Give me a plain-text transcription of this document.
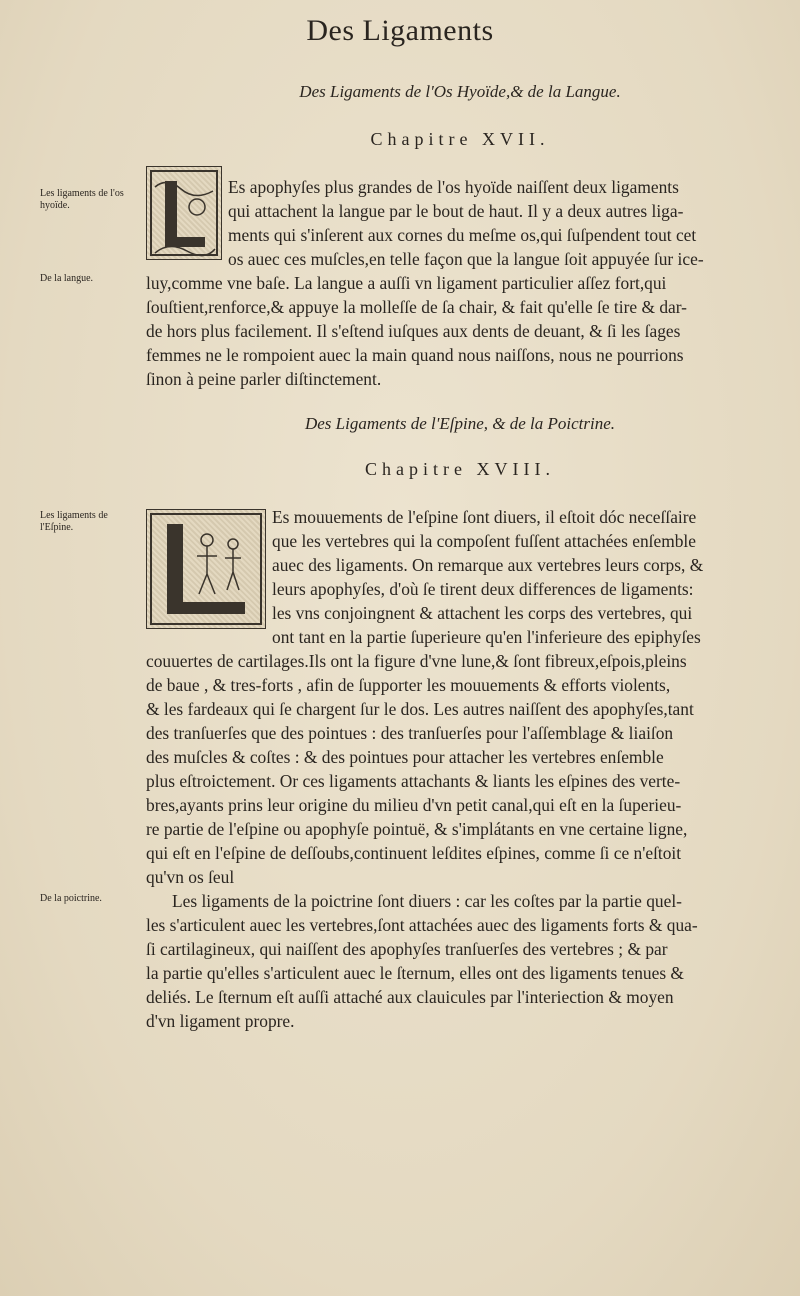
Des Ligaments
Des Ligaments de l'Os Hyoïde,& de la Langue.
Chapitre XVII.
Les ligaments de l'os hyoïde.
De la langue.
Es apophyſes plus grandes de l'os hyoïde naiſſent deux ligaments
qui attachent la langue par le bout de haut. Il y a deux autres liga-
ments qui s'inſerent aux cornes du meſme os,qui ſuſpendent tout cet
os auec ces muſcles,en telle façon que la langue ſoit appuyée ſur ice-
luy,comme vne baſe. La langue a auſſi vn ligament particulier aſſez fort,qui
ſouſtient,renforce,& appuye la molleſſe de ſa chair, & fait qu'elle ſe tire & dar-
de hors plus facilement. Il s'eſtend iuſques aux dents de deuant, & ſi les ſages
femmes ne le rompoient auec la main quand nous naiſſons, nous ne pourrions
ſinon à peine parler diſtinctement.
Des Ligaments de l'Eſpine, & de la Poictrine.
Chapitre XVIII.
Les ligaments de l'Eſpine.
De la poictrine.
Es mouuements de l'eſpine ſont diuers, il eſtoit dóc neceſſaire
que les vertebres qui la compoſent fuſſent attachées enſemble
auec des ligaments. On remarque aux vertebres leurs corps, &
leurs apophyſes, d'où ſe tirent deux differences de ligaments:
les vns conjoingnent & attachent les corps des vertebres, qui
ont tant en la partie ſuperieure qu'en l'inferieure des epiphyſes
couuertes de cartilages.Ils ont la figure d'vne lune,& ſont fibreux,eſpois,pleins
de baue , & tres-forts , afin de ſupporter les mouuements & efforts violents,
& les fardeaux qui ſe chargent ſur le dos. Les autres naiſſent des apophyſes,tant
des tranſuerſes que des pointues : des tranſuerſes pour l'aſſemblage & liaiſon
des muſcles & coſtes : & des pointues pour attacher les vertebres enſemble
plus eſtroictement. Or ces ligaments attachants & liants les eſpines des verte-
bres,ayants prins leur origine du milieu d'vn petit canal,qui eſt en la ſuperieu-
re partie de l'eſpine ou apophyſe pointuë, & s'implátants en vne certaine ligne,
qui eſt en l'eſpine de deſſoubs,continuent leſdites eſpines, comme ſi ce n'eſtoit
qu'vn os ſeul
Les ligaments de la poictrine ſont diuers : car les coſtes par la partie quel-
les s'articulent auec les vertebres,ſont attachées auec des ligaments forts & qua-
ſi cartilagineux, qui naiſſent des apophyſes tranſuerſes des vertebres ; & par
la partie qu'elles s'articulent auec le ſternum, elles ont des ligaments tenues &
deliés. Le ſternum eſt auſſi attaché aux clauicules par l'interiection & moyen
d'vn ligament propre.
